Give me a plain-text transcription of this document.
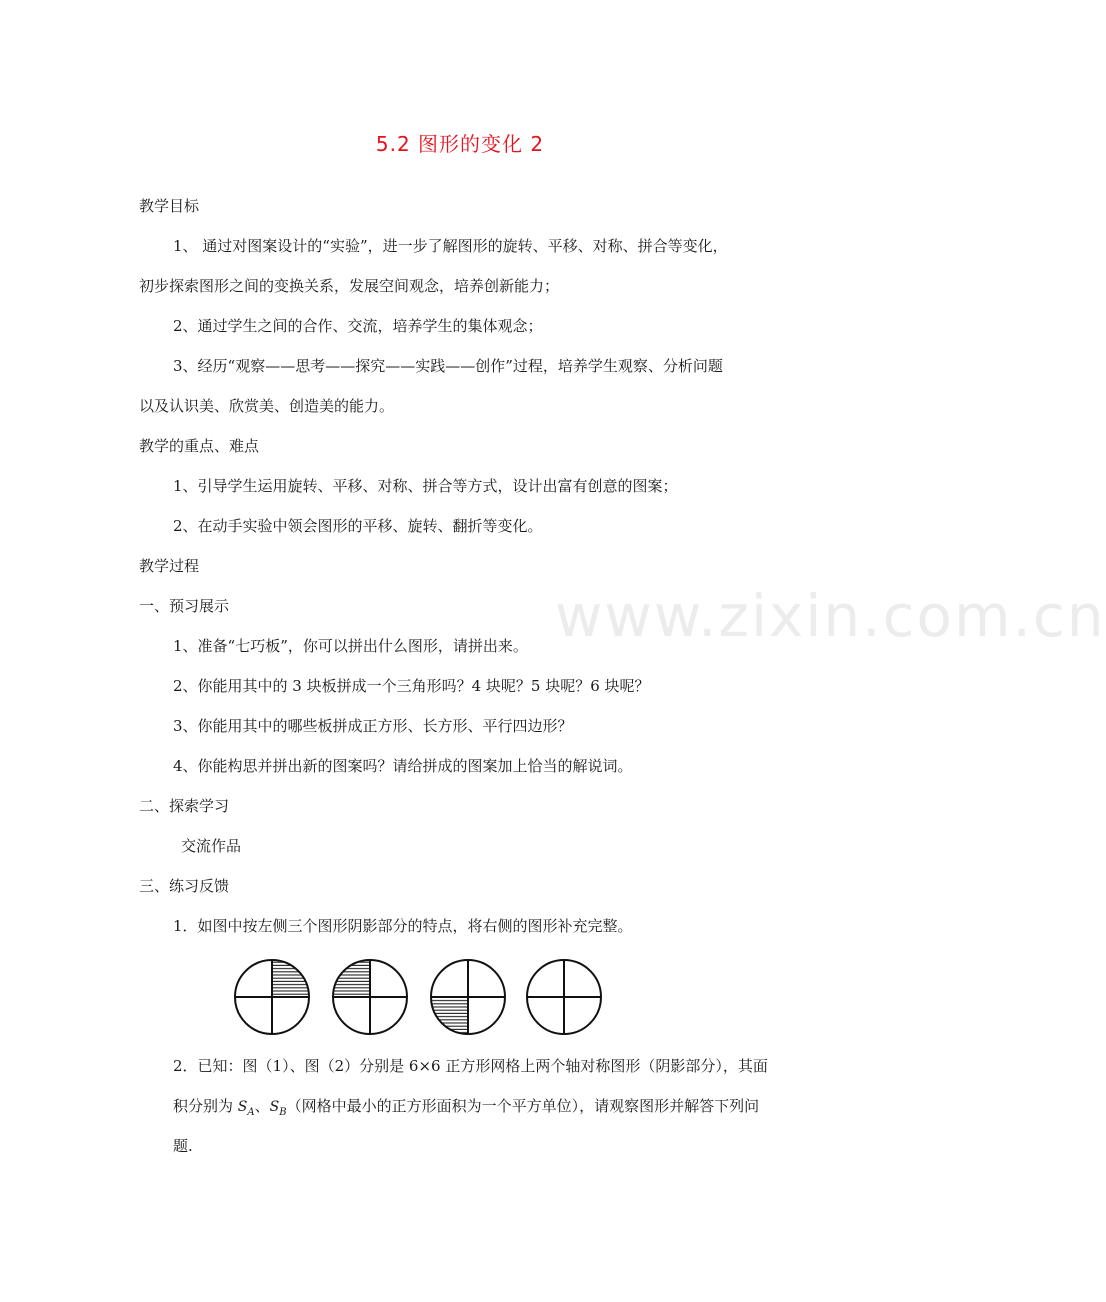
5.2 图形的变化 2
教学目标
1、 通过对图案设计的“实验”，进一步了解图形的旋转、平移、对称、拼合等变化，
初步探索图形之间的变换关系，发展空间观念，培养创新能力；
2、通过学生之间的合作、交流，培养学生的集体观念；
3、经历“观察——思考——探究——实践——创作”过程，培养学生观察、分析问题
以及认识美、欣赏美、创造美的能力。
教学的重点、难点
1、引导学生运用旋转、平移、对称、拼合等方式，设计出富有创意的图案；
2、在动手实验中领会图形的平移、旋转、翻折等变化。
教学过程
一、预习展示	www.zixin.com.cn
1、准备“七巧板”，你可以拼出什么图形，请拼出来。
2、你能用其中的 3 块板拼成一个三角形吗？4 块呢？5 块呢？6 块呢？
3、你能用其中的哪些板拼成正方形、长方形、平行四边形？
4、你能构思并拼出新的图案吗？请给拼成的图案加上恰当的解说词。
二、探索学习
交流作品
三、练习反馈
1．如图中按左侧三个图形阴影部分的特点，将右侧的图形补充完整。
2．已知：图（1）、图（2）分别是 6×6 正方形网格上两个轴对称图形（阴影部分），其面
积分别为 $S_A$、$S_B$（网格中最小的正方形面积为一个平方单位），请观察图形并解答下列问
题.
